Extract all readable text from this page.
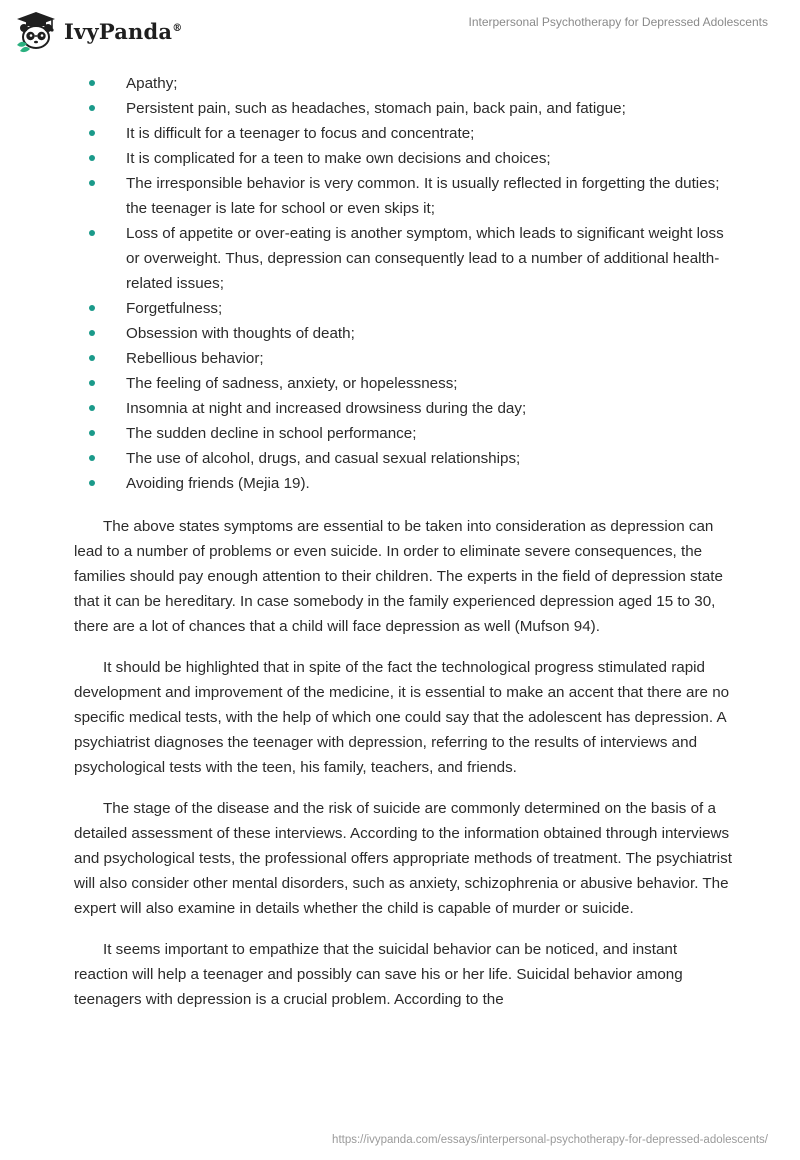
IvyPanda®	Interpersonal Psychotherapy for Depressed Adolescents
Apathy;
Persistent pain, such as headaches, stomach pain, back pain, and fatigue;
It is difficult for a teenager to focus and concentrate;
It is complicated for a teen to make own decisions and choices;
The irresponsible behavior is very common. It is usually reflected in forgetting the duties; the teenager is late for school or even skips it;
Loss of appetite or over-eating is another symptom, which leads to significant weight loss or overweight. Thus, depression can consequently lead to a number of additional health-related issues;
Forgetfulness;
Obsession with thoughts of death;
Rebellious behavior;
The feeling of sadness, anxiety, or hopelessness;
Insomnia at night and increased drowsiness during the day;
The sudden decline in school performance;
The use of alcohol, drugs, and casual sexual relationships;
Avoiding friends (Mejia 19).

The above states symptoms are essential to be taken into consideration as depression can lead to a number of problems or even suicide. In order to eliminate severe consequences, the families should pay enough attention to their children. The experts in the field of depression state that it can be hereditary. In case somebody in the family experienced depression aged 15 to 30, there are a lot of chances that a child will face depression as well (Mufson 94).

It should be highlighted that in spite of the fact the technological progress stimulated rapid development and improvement of the medicine, it is essential to make an accent that there are no specific medical tests, with the help of which one could say that the adolescent has depression. A psychiatrist diagnoses the teenager with depression, referring to the results of interviews and psychological tests with the teen, his family, teachers, and friends.

The stage of the disease and the risk of suicide are commonly determined on the basis of a detailed assessment of these interviews. According to the information obtained through interviews and psychological tests, the professional offers appropriate methods of treatment. The psychiatrist will also consider other mental disorders, such as anxiety, schizophrenia or abusive behavior. The expert will also examine in details whether the child is capable of murder or suicide.

It seems important to empathize that the suicidal behavior can be noticed, and instant reaction will help a teenager and possibly can save his or her life. Suicidal behavior among teenagers with depression is a crucial problem. According to the

https://ivypanda.com/essays/interpersonal-psychotherapy-for-depressed-adolescents/
